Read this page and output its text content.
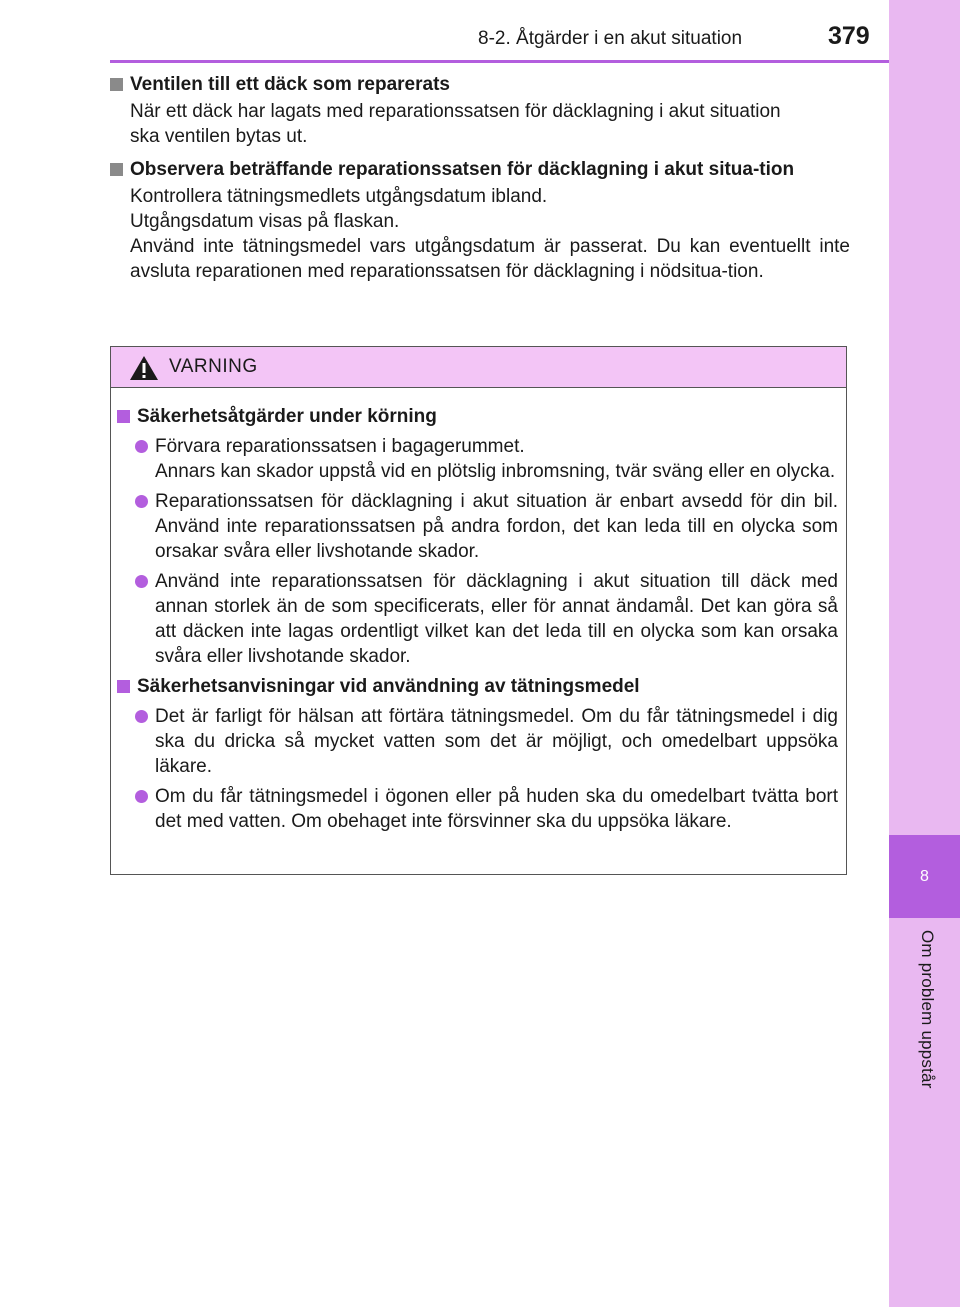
8-2. Åtgärder i en akut situation	379
8
Om problem uppstår
Ventilen till ett däck som reparerats
När ett däck har lagats med reparationssatsen för däcklagning i akut situation
ska ventilen bytas ut.
Observera beträffande reparationssatsen för däcklagning i akut situa-tion
Kontrollera tätningsmedlets utgångsdatum ibland.
Utgångsdatum visas på flaskan.
Använd inte tätningsmedel vars utgångsdatum är passerat. Du kan eventuellt inte avsluta reparationen med reparationssatsen för däcklagning i nödsitua-tion.
VARNING
Säkerhetsåtgärder under körning
Förvara reparationssatsen i bagagerummet.
Annars kan skador uppstå vid en plötslig inbromsning, tvär sväng eller en olycka.
Reparationssatsen för däcklagning i akut situation är enbart avsedd för din bil. Använd inte reparationssatsen på andra fordon, det kan leda till en olycka som orsakar svåra eller livshotande skador.
Använd inte reparationssatsen för däcklagning i akut situation till däck med annan storlek än de som specificerats, eller för annat ändamål. Det kan göra så att däcken inte lagas ordentligt vilket kan det leda till en olycka som kan orsaka svåra eller livshotande skador.
Säkerhetsanvisningar vid användning av tätningsmedel
Det är farligt för hälsan att förtära tätningsmedel. Om du får tätningsmedel i dig ska du dricka så mycket vatten som det är möjligt, och omedelbart uppsöka läkare.
Om du får tätningsmedel i ögonen eller på huden ska du omedelbart tvätta bort det med vatten. Om obehaget inte försvinner ska du uppsöka läkare.
